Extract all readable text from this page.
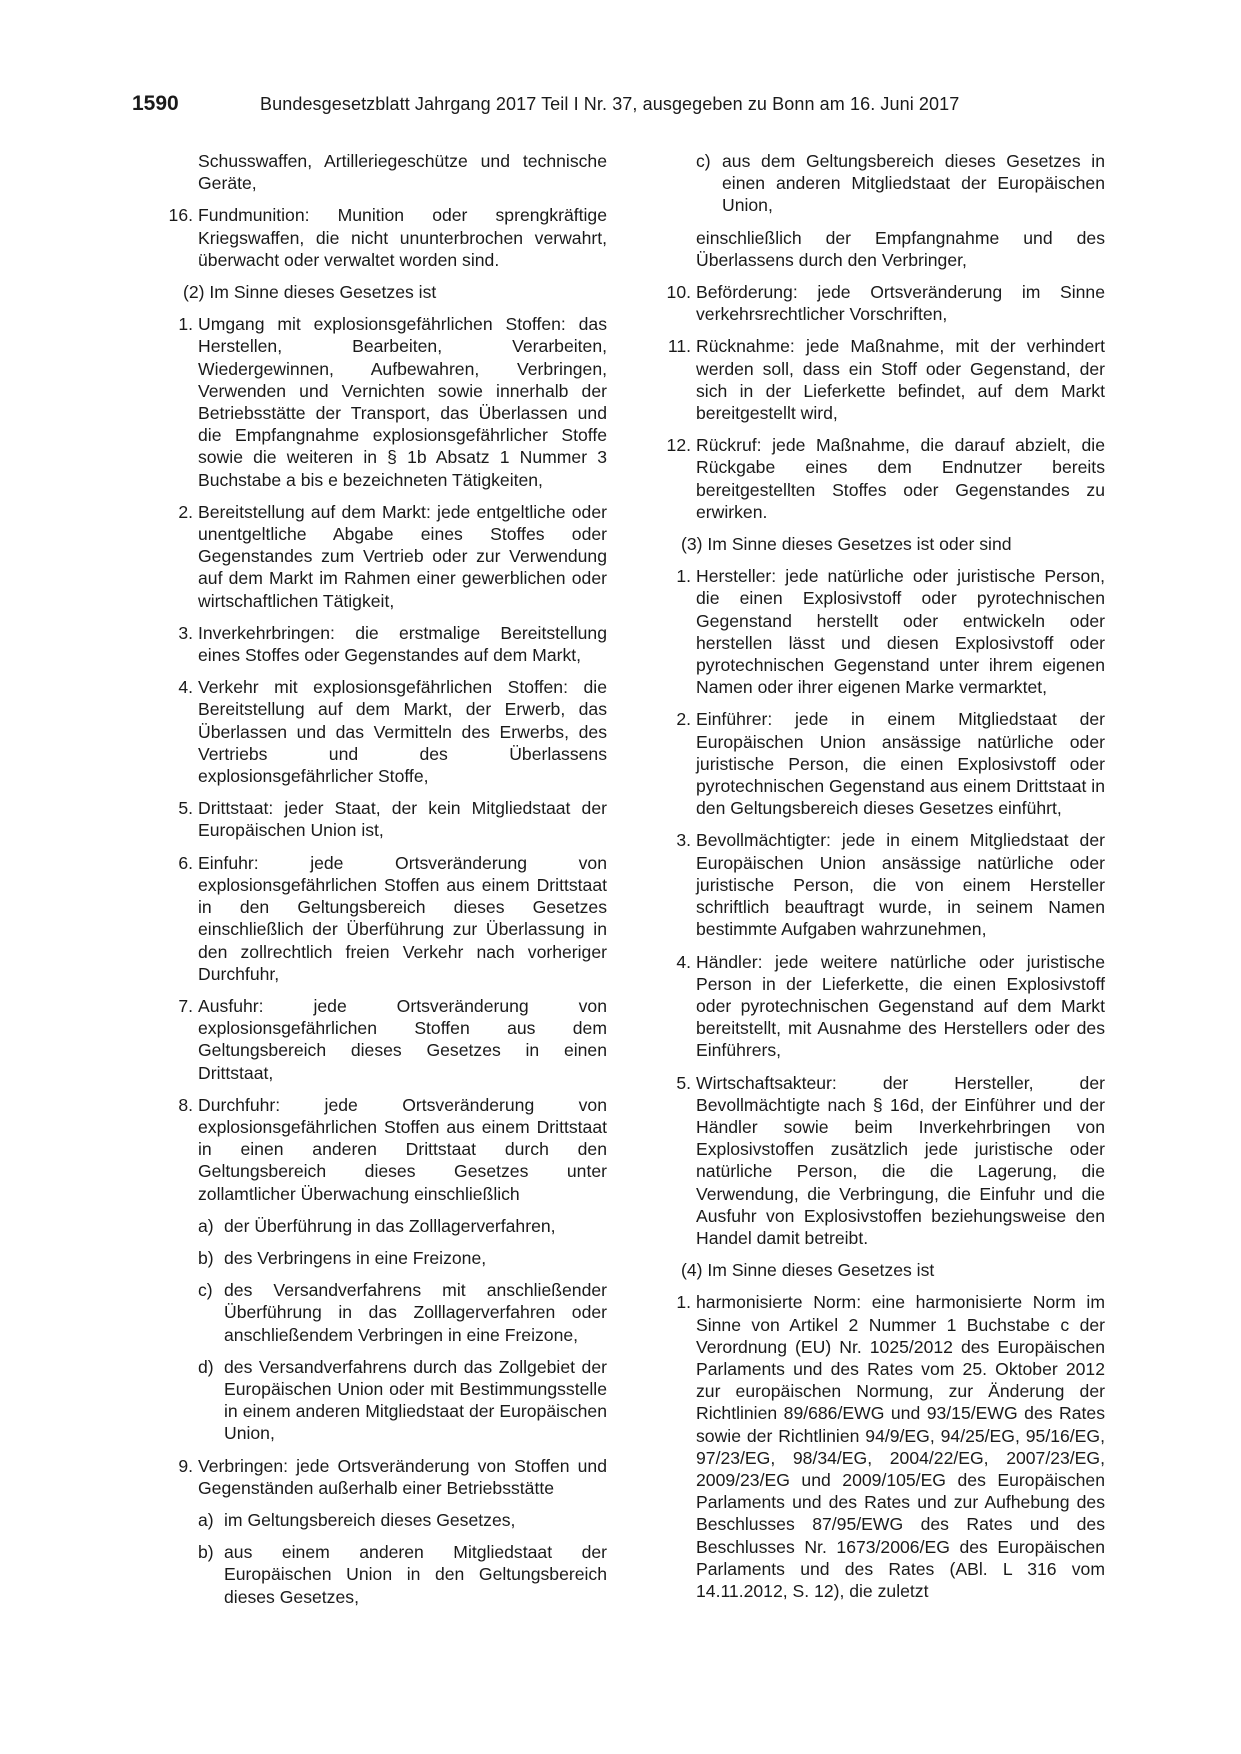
1590	Bundesgesetzblatt Jahrgang 2017 Teil I Nr. 37, ausgegeben zu Bonn am 16. Juni 2017
Schusswaffen, Artilleriegeschütze und technische Geräte,
16. Fundmunition: Munition oder sprengkräftige Kriegswaffen, die nicht ununterbrochen verwahrt, überwacht oder verwaltet worden sind.
(2) Im Sinne dieses Gesetzes ist
1. Umgang mit explosionsgefährlichen Stoffen: das Herstellen, Bearbeiten, Verarbeiten, Wiedergewinnen, Aufbewahren, Verbringen, Verwenden und Vernichten sowie innerhalb der Betriebsstätte der Transport, das Überlassen und die Empfangnahme explosionsgefährlicher Stoffe sowie die weiteren in § 1b Absatz 1 Nummer 3 Buchstabe a bis e bezeichneten Tätigkeiten,
2. Bereitstellung auf dem Markt: jede entgeltliche oder unentgeltliche Abgabe eines Stoffes oder Gegenstandes zum Vertrieb oder zur Verwendung auf dem Markt im Rahmen einer gewerblichen oder wirtschaftlichen Tätigkeit,
3. Inverkehrbringen: die erstmalige Bereitstellung eines Stoffes oder Gegenstandes auf dem Markt,
4. Verkehr mit explosionsgefährlichen Stoffen: die Bereitstellung auf dem Markt, der Erwerb, das Überlassen und das Vermitteln des Erwerbs, des Vertriebs und des Überlassens explosionsgefährlicher Stoffe,
5. Drittstaat: jeder Staat, der kein Mitgliedstaat der Europäischen Union ist,
6. Einfuhr: jede Ortsveränderung von explosionsgefährlichen Stoffen aus einem Drittstaat in den Geltungsbereich dieses Gesetzes einschließlich der Überführung zur Überlassung in den zollrechtlich freien Verkehr nach vorheriger Durchfuhr,
7. Ausfuhr: jede Ortsveränderung von explosionsgefährlichen Stoffen aus dem Geltungsbereich dieses Gesetzes in einen Drittstaat,
8. Durchfuhr: jede Ortsveränderung von explosionsgefährlichen Stoffen aus einem Drittstaat in einen anderen Drittstaat durch den Geltungsbereich dieses Gesetzes unter zollamtlicher Überwachung einschließlich
a) der Überführung in das Zolllagerverfahren,
b) des Verbringens in eine Freizone,
c) des Versandverfahrens mit anschließender Überführung in das Zolllagerverfahren oder anschließendem Verbringen in eine Freizone,
d) des Versandverfahrens durch das Zollgebiet der Europäischen Union oder mit Bestimmungsstelle in einem anderen Mitgliedstaat der Europäischen Union,
9. Verbringen: jede Ortsveränderung von Stoffen und Gegenständen außerhalb einer Betriebsstätte
a) im Geltungsbereich dieses Gesetzes,
b) aus einem anderen Mitgliedstaat der Europäischen Union in den Geltungsbereich dieses Gesetzes,
c) aus dem Geltungsbereich dieses Gesetzes in einen anderen Mitgliedstaat der Europäischen Union,
einschließlich der Empfangnahme und des Überlassens durch den Verbringer,
10. Beförderung: jede Ortsveränderung im Sinne verkehrsrechtlicher Vorschriften,
11. Rücknahme: jede Maßnahme, mit der verhindert werden soll, dass ein Stoff oder Gegenstand, der sich in der Lieferkette befindet, auf dem Markt bereitgestellt wird,
12. Rückruf: jede Maßnahme, die darauf abzielt, die Rückgabe eines dem Endnutzer bereits bereitgestellten Stoffes oder Gegenstandes zu erwirken.
(3) Im Sinne dieses Gesetzes ist oder sind
1. Hersteller: jede natürliche oder juristische Person, die einen Explosivstoff oder pyrotechnischen Gegenstand herstellt oder entwickeln oder herstellen lässt und diesen Explosivstoff oder pyrotechnischen Gegenstand unter ihrem eigenen Namen oder ihrer eigenen Marke vermarktet,
2. Einführer: jede in einem Mitgliedstaat der Europäischen Union ansässige natürliche oder juristische Person, die einen Explosivstoff oder pyrotechnischen Gegenstand aus einem Drittstaat in den Geltungsbereich dieses Gesetzes einführt,
3. Bevollmächtigter: jede in einem Mitgliedstaat der Europäischen Union ansässige natürliche oder juristische Person, die von einem Hersteller schriftlich beauftragt wurde, in seinem Namen bestimmte Aufgaben wahrzunehmen,
4. Händler: jede weitere natürliche oder juristische Person in der Lieferkette, die einen Explosivstoff oder pyrotechnischen Gegenstand auf dem Markt bereitstellt, mit Ausnahme des Herstellers oder des Einführers,
5. Wirtschaftsakteur: der Hersteller, der Bevollmächtigte nach § 16d, der Einführer und der Händler sowie beim Inverkehrbringen von Explosivstoffen zusätzlich jede juristische oder natürliche Person, die die Lagerung, die Verwendung, die Verbringung, die Einfuhr und die Ausfuhr von Explosivstoffen beziehungsweise den Handel damit betreibt.
(4) Im Sinne dieses Gesetzes ist
1. harmonisierte Norm: eine harmonisierte Norm im Sinne von Artikel 2 Nummer 1 Buchstabe c der Verordnung (EU) Nr. 1025/2012 des Europäischen Parlaments und des Rates vom 25. Oktober 2012 zur europäischen Normung, zur Änderung der Richtlinien 89/686/EWG und 93/15/EWG des Rates sowie der Richtlinien 94/9/EG, 94/25/EG, 95/16/EG, 97/23/EG, 98/34/EG, 2004/22/EG, 2007/23/EG, 2009/23/EG und 2009/105/EG des Europäischen Parlaments und des Rates und zur Aufhebung des Beschlusses 87/95/EWG des Rates und des Beschlusses Nr. 1673/2006/EG des Europäischen Parlaments und des Rates (ABl. L 316 vom 14.11.2012, S. 12), die zuletzt
